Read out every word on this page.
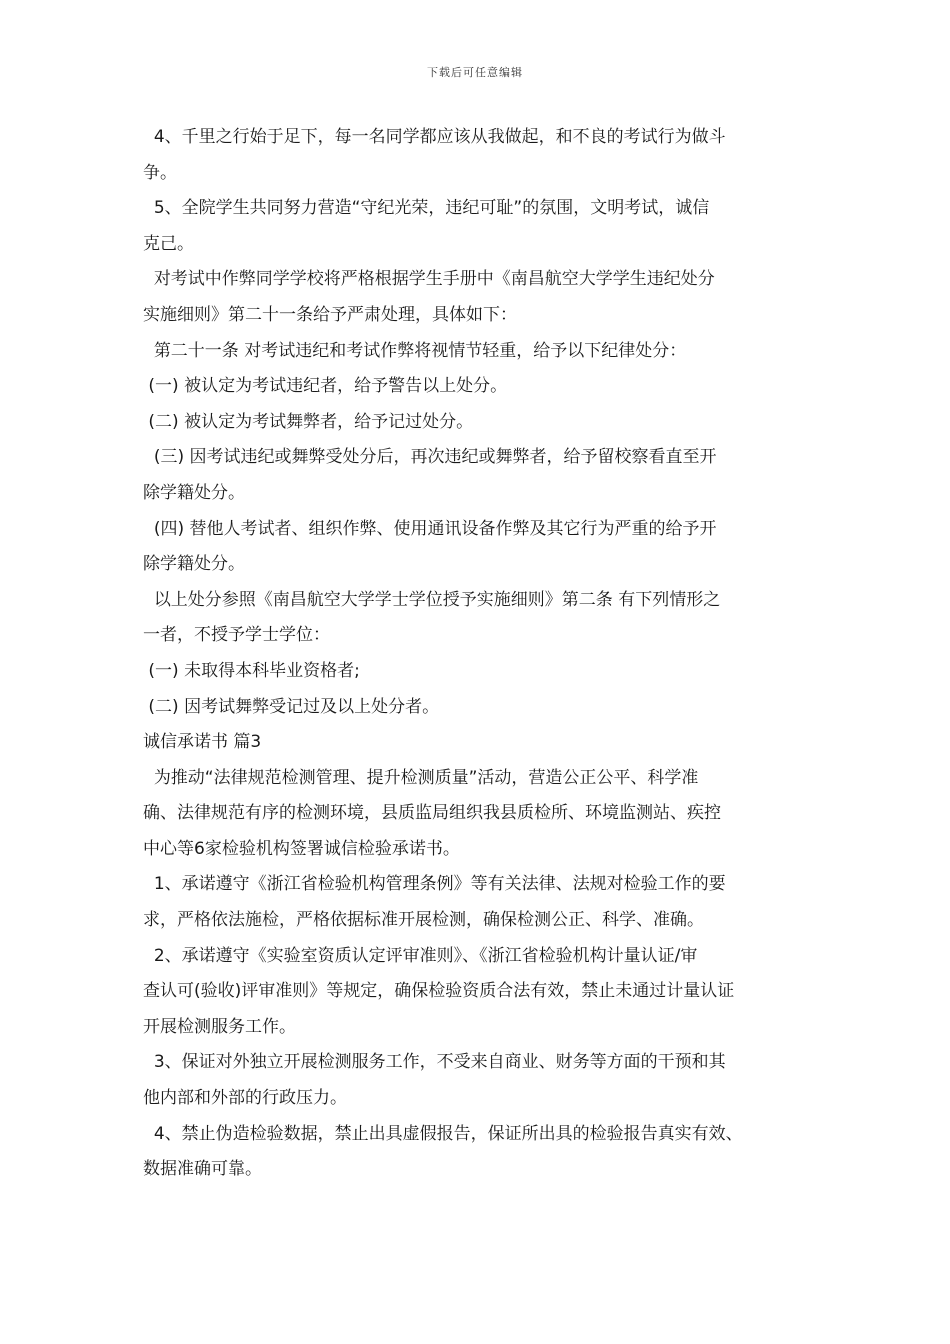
下载后可任意编辑

4、千里之行始于足下，每一名同学都应该从我做起，和不良的考试行为做斗

争。

5、全院学生共同努力营造“守纪光荣，违纪可耻”的氛围，文明考试，诚信

克己。

对考试中作弊同学学校将严格根据学生手册中《南昌航空大学学生违纪处分

实施细则》第二十一条给予严肃处理，具体如下：

第二十一条 对考试违纪和考试作弊将视情节轻重，给予以下纪律处分：

(一) 被认定为考试违纪者，给予警告以上处分。

(二) 被认定为考试舞弊者，给予记过处分。

(三) 因考试违纪或舞弊受处分后，再次违纪或舞弊者，给予留校察看直至开

除学籍处分。

(四) 替他人考试者、组织作弊、使用通讯设备作弊及其它行为严重的给予开

除学籍处分。

以上处分参照《南昌航空大学学士学位授予实施细则》第二条 有下列情形之

一者，不授予学士学位：

(一) 未取得本科毕业资格者;

(二) 因考试舞弊受记过及以上处分者。

诚信承诺书 篇3

为推动“法律规范检测管理、提升检测质量”活动，营造公正公平、科学准

确、法律规范有序的检测环境，县质监局组织我县质检所、环境监测站、疾控

中心等6家检验机构签署诚信检验承诺书。

1、承诺遵守《浙江省检验机构管理条例》等有关法律、法规对检验工作的要

求，严格依法施检，严格依据标准开展检测，确保检测公正、科学、准确。

2、承诺遵守《实验室资质认定评审准则》、《浙江省检验机构计量认证/审

查认可(验收)评审准则》等规定，确保检验资质合法有效，禁止未通过计量认证

开展检测服务工作。

3、保证对外独立开展检测服务工作，不受来自商业、财务等方面的干预和其

他内部和外部的行政压力。

4、禁止伪造检验数据，禁止出具虚假报告，保证所出具的检验报告真实有效、

数据准确可靠。
